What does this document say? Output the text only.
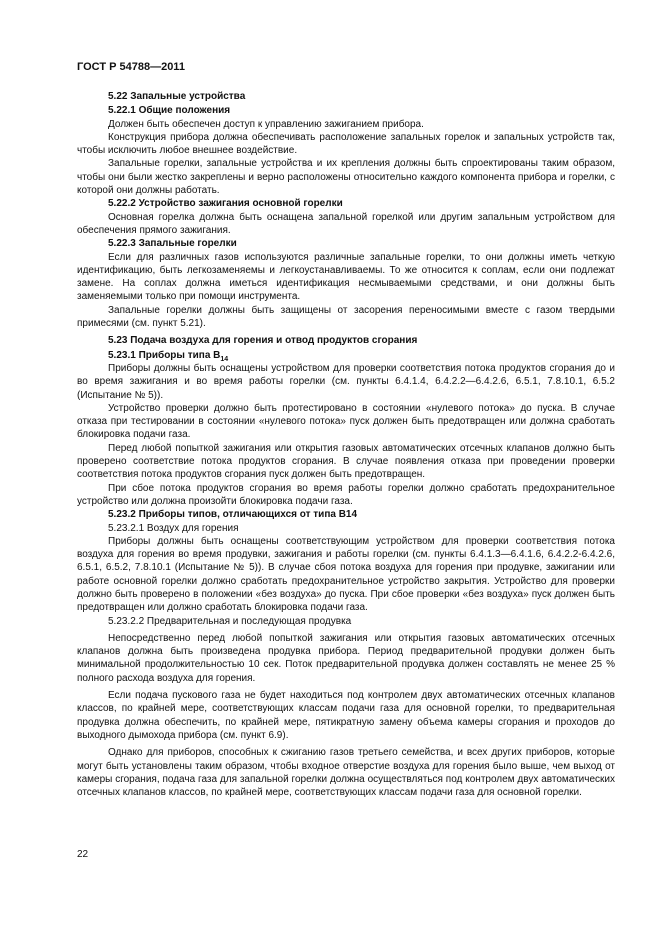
ГОСТ Р 54788—2011

5.22 Запальные устройства

5.22.1 Общие положения

Должен быть обеспечен доступ к управлению зажиганием прибора.

Конструкция прибора должна обеспечивать расположение запальных горелок и запальных устройств так, чтобы исключить любое внешнее воздействие.

Запальные горелки, запальные устройства и их крепления должны быть спроектированы таким образом, чтобы они были жестко закреплены и верно расположены относительно каждого компонента прибора и горелки, с которой они должны работать.

5.22.2 Устройство зажигания основной горелки

Основная горелка должна быть оснащена запальной горелкой или другим запальным устройством для обеспечения прямого зажигания.

5.22.3 Запальные горелки

Если для различных газов используются различные запальные горелки, то они должны иметь четкую идентификацию, быть легкозаменяемы и легкоустанавливаемы. То же относится к соплам, если они подлежат замене. На соплах должна иметься идентификация несмываемыми средствами, и они должны быть заменяемыми только при помощи инструмента.

Запальные горелки должны быть защищены от засорения переносимыми вместе с газом твердыми примесями (см. пункт 5.21).

5.23 Подача воздуха для горения и отвод продуктов сгорания

5.23.1 Приборы типа $В_{14}$

Приборы должны быть оснащены устройством для проверки соответствия потока продуктов сгорания до и во время зажигания и во время работы горелки (см. пункты 6.4.1.4, 6.4.2.2—6.4.2.6, 6.5.1, 7.8.10.1, 6.5.2 (Испытание № 5)).

Устройство проверки должно быть протестировано в состоянии «нулевого потока» до пуска. В случае отказа при тестировании в состоянии «нулевого потока» пуск должен быть предотвращен или должна сработать блокировка подачи газа.

Перед любой попыткой зажигания или открытия газовых автоматических отсечных клапанов должно быть проверено соответствие потока продуктов сгорания. В случае появления отказа при проведении проверки соответствия потока продуктов сгорания пуск должен быть предотвращен.

При сбое потока продуктов сгорания во время работы горелки должно сработать предохранительное устройство или должна произойти блокировка подачи газа.

5.23.2 Приборы типов, отличающихся от типа В14

5.23.2.1 Воздух для горения

Приборы должны быть оснащены соответствующим устройством для проверки соответствия потока воздуха для горения во время продувки, зажигания и работы горелки (см. пункты 6.4.1.3—6.4.1.6, 6.4.2.2-6.4.2.6, 6.5.1, 6.5.2, 7.8.10.1 (Испытание № 5)). В случае сбоя потока воздуха для горения при продувке, зажигании или работе основной горелки должно сработать предохранительное устройство закрытия. Устройство для проверки должно быть проверено в положении «без воздуха» до пуска. При сбое проверки «без воздуха» пуск должен быть предотвращен или должно сработать блокировка подачи газа.

5.23.2.2 Предварительная и последующая продувка

Непосредственно перед любой попыткой зажигания или открытия газовых автоматических отсечных клапанов должна быть произведена продувка прибора. Период предварительной продувки должен быть минимальной продолжительностью 10 сек. Поток предварительной продувка должен составлять не менее 25 % полного расхода воздуха для горения.

Если подача пускового газа не будет находиться под контролем двух автоматических отсечных клапанов классов, по крайней мере, соответствующих классам подачи газа для основной горелки, то предварительная продувка должна обеспечить, по крайней мере, пятикратную замену объема камеры сгорания и проходов до выходного дымохода прибора (см. пункт 6.9).

Однако для приборов, способных к сжиганию газов третьего семейства, и всех других приборов, которые могут быть установлены таким образом, чтобы входное отверстие воздуха для горения было выше, чем выход от камеры сгорания, подача газа для запальной горелки должна осуществляться под контролем двух автоматических отсечных клапанов классов, по крайней мере, соответствующих классам подачи газа для основной горелки.

22
